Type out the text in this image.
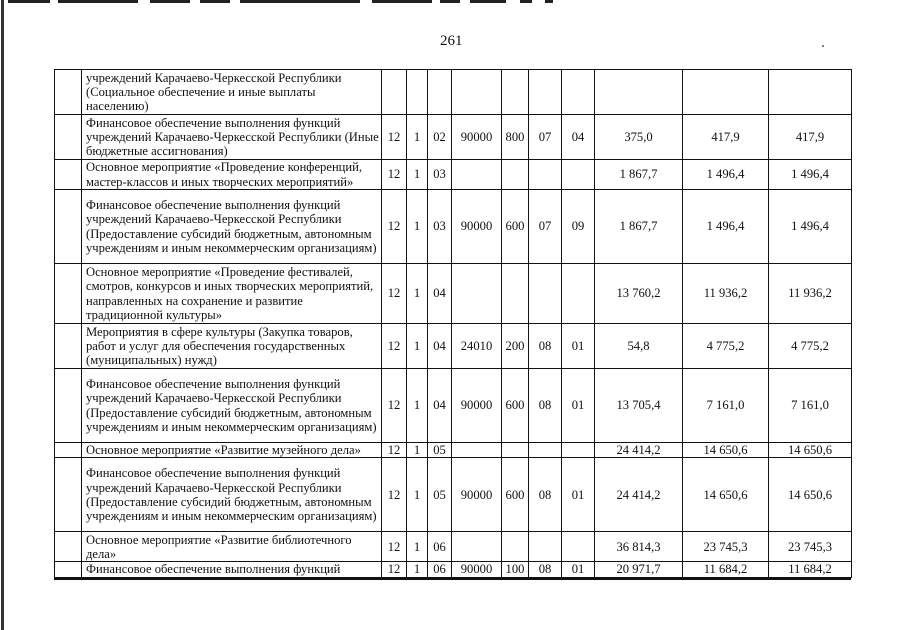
261
	учреждений Карачаево-Черкесской Республики (Социальное обеспечение и иные выплаты населению)										
	Финансовое обеспечение выполнения функций учреждений Карачаево-Черкесской Республики (Иные бюджетные ассигнования)	12	1	02	90000	800	07	04	375,0	417,9	417,9
	Основное мероприятие «Проведение конференций, мастер-классов и иных творческих мероприятий»	12	1	03					1 867,7	1 496,4	1 496,4
	Финансовое обеспечение выполнения функций учреждений Карачаево-Черкесской Республики (Предоставление субсидий бюджетным, автономным учреждениям и иным некоммерческим организациям)	12	1	03	90000	600	07	09	1 867,7	1 496,4	1 496,4
	Основное мероприятие «Проведение фестивалей, смотров, конкурсов и иных творческих мероприятий, направленных на сохранение и развитие традиционной культуры»	12	1	04					13 760,2	11 936,2	11 936,2
	Мероприятия в сфере культуры (Закупка товаров, работ и услуг для обеспечения государственных (муниципальных) нужд)	12	1	04	24010	200	08	01	54,8	4 775,2	4 775,2
	Финансовое обеспечение выполнения функций учреждений Карачаево-Черкесской Республики (Предоставление субсидий бюджетным, автономным учреждениям и иным некоммерческим организациям)	12	1	04	90000	600	08	01	13 705,4	7 161,0	7 161,0
	Основное мероприятие «Развитие музейного дела»	12	1	05					24 414,2	14 650,6	14 650,6
	Финансовое обеспечение выполнения функций учреждений Карачаево-Черкесской Республики (Предоставление субсидий бюджетным, автономным учреждениям и иным некоммерческим организациям)	12	1	05	90000	600	08	01	24 414,2	14 650,6	14 650,6
	Основное мероприятие «Развитие библиотечного дела»	12	1	06					36 814,3	23 745,3	23 745,3
	Финансовое обеспечение выполнения функций	12	1	06	90000	100	08	01	20 971,7	11 684,2	11 684,2
